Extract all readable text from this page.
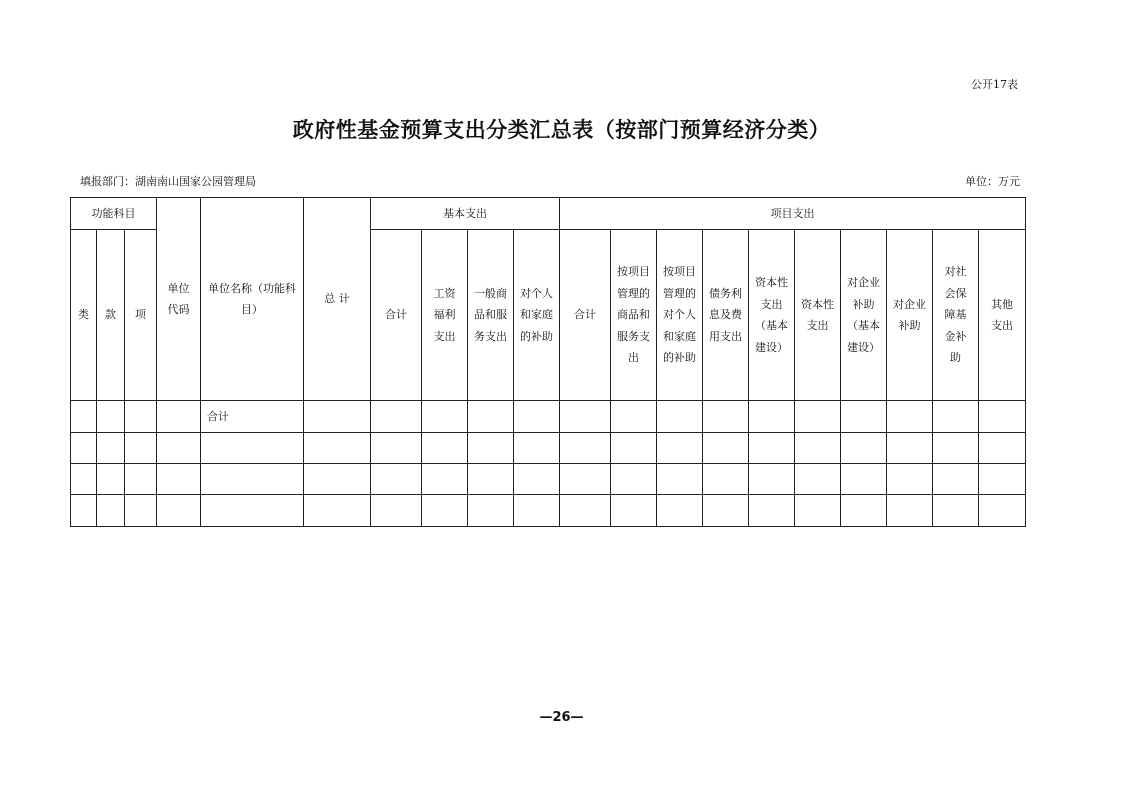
公开17表
政府性基金预算支出分类汇总表（按部门预算经济分类）
填报部门：湖南南山国家公园管理局	单位：万元
功能科目			单位代码	单位名称（功能科目）	总 计	基本支出				项目支出									
类	款	项				合计	工资福利支出	一般商品和服务支出	对个人和家庭的补助	合计	按项目管理的商品和服务支出	按项目管理的对个人和家庭的补助	债务利息及费用支出	资本性支出（基本建设）	资本性支出	对企业补助（基本建设）	对企业补助	对社会保障基金补助	其他支出
				合计															

—26—
